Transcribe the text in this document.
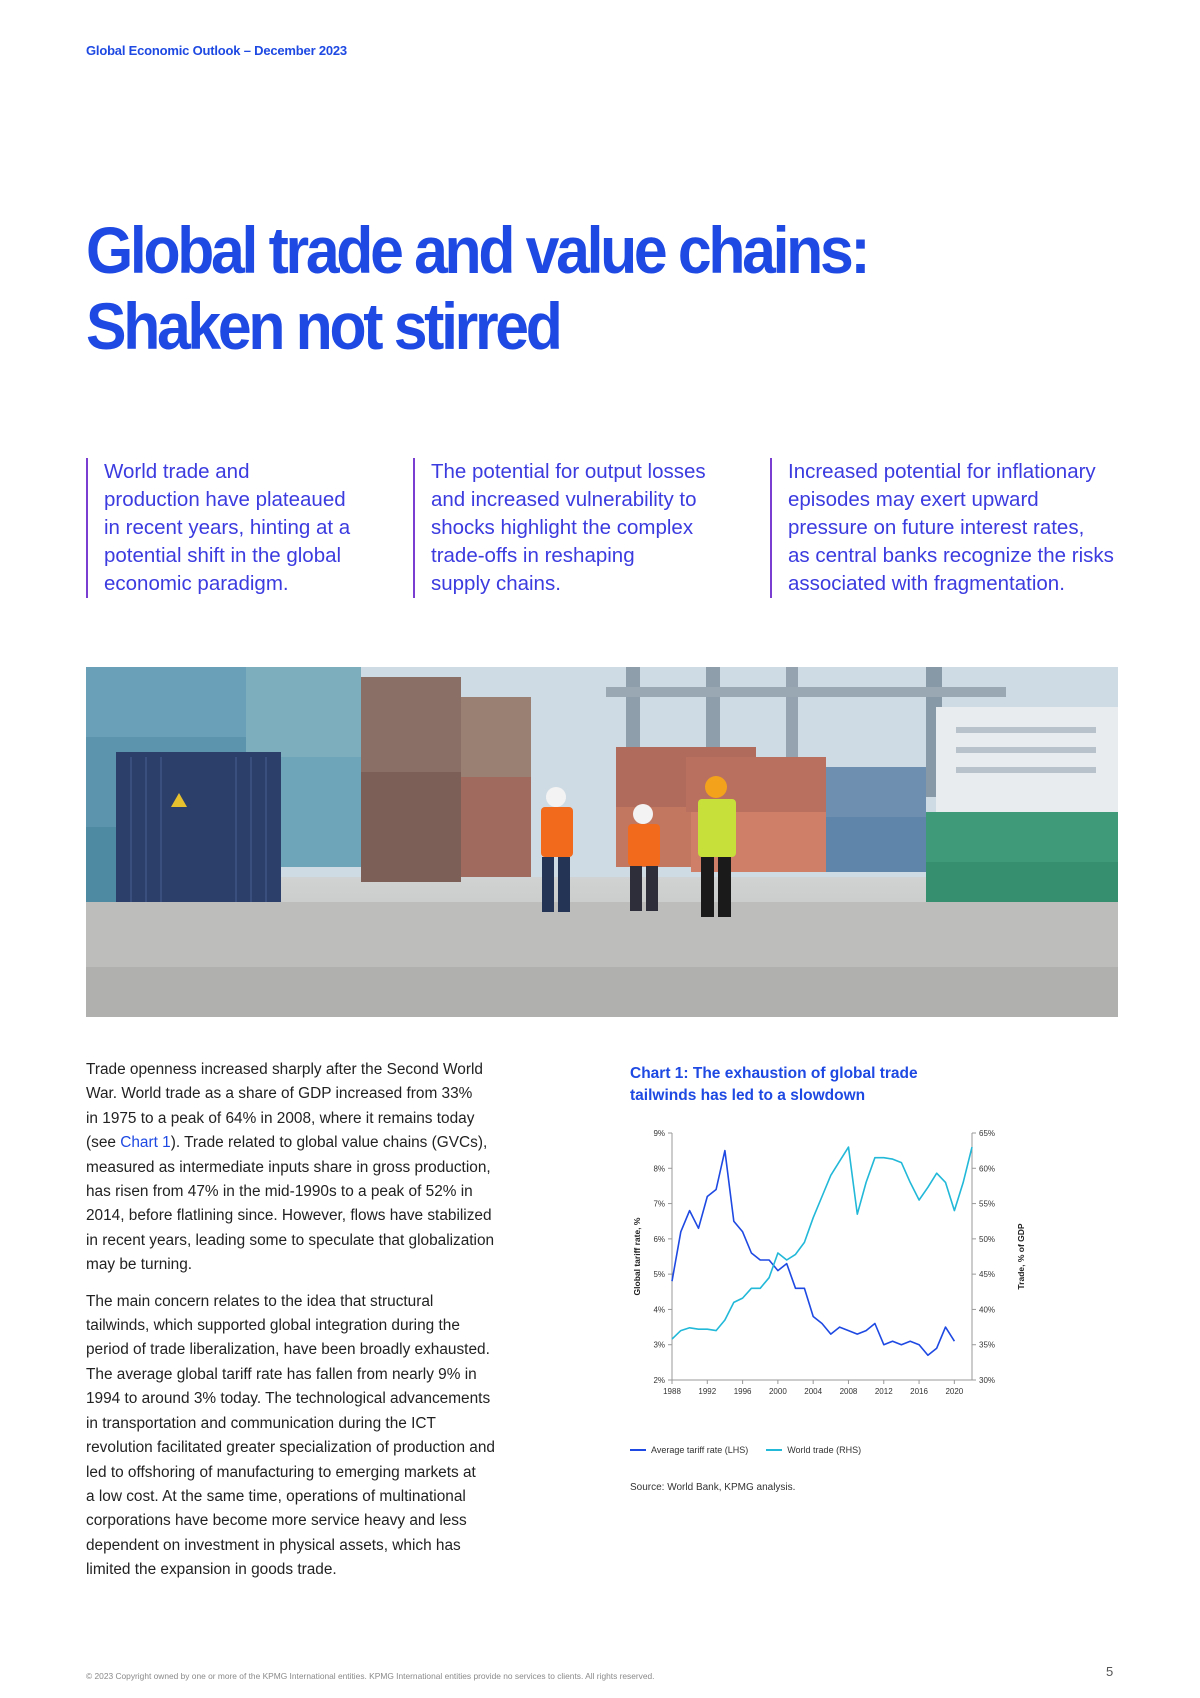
Global Economic Outlook – December 2023
Global trade and value chains:
Shaken not stirred
World trade and
production have plateaued
in recent years, hinting at a
potential shift in the global
economic paradigm.
The potential for output losses
and increased vulnerability to
shocks highlight the complex
trade-offs in reshaping
supply chains.
Increased potential for inflationary
episodes may exert upward
pressure on future interest rates,
as central banks recognize the risks
associated with fragmentation.

Trade openness increased sharply after the Second World
War. World trade as a share of GDP increased from 33%
in 1975 to a peak of 64% in 2008, where it remains today
(see Chart 1). Trade related to global value chains (GVCs),
measured as intermediate inputs share in gross production,
has risen from 47% in the mid-1990s to a peak of 52% in
2014, before flatlining since. However, flows have stabilized
in recent years, leading some to speculate that globalization
may be turning.

The main concern relates to the idea that structural
tailwinds, which supported global integration during the
period of trade liberalization, have been broadly exhausted.
The average global tariff rate has fallen from nearly 9% in
1994 to around 3% today. The technological advancements
in transportation and communication during the ICT
revolution facilitated greater specialization of production and
led to offshoring of manufacturing to emerging markets at
a low cost. At the same time, operations of multinational
corporations have become more service heavy and less
dependent on investment in physical assets, which has
limited the expansion in goods trade.

Chart 1: The exhaustion of global trade
tailwinds has led to a slowdown
2%
3%
4%
5%
6%
7%
8%
9%
30%
35%
40%
45%
50%
55%
60%
65%
1988 1992 1996 2000 2004 2008 2012 2016 2020
Global tariff rate, %	Trade, % of GDP
Average tariff rate (LHS)	World trade (RHS)
Source: World Bank, KPMG analysis.
© 2023 Copyright owned by one or more of the KPMG International entities. KPMG International entities provide no services to clients. All rights reserved.	5
